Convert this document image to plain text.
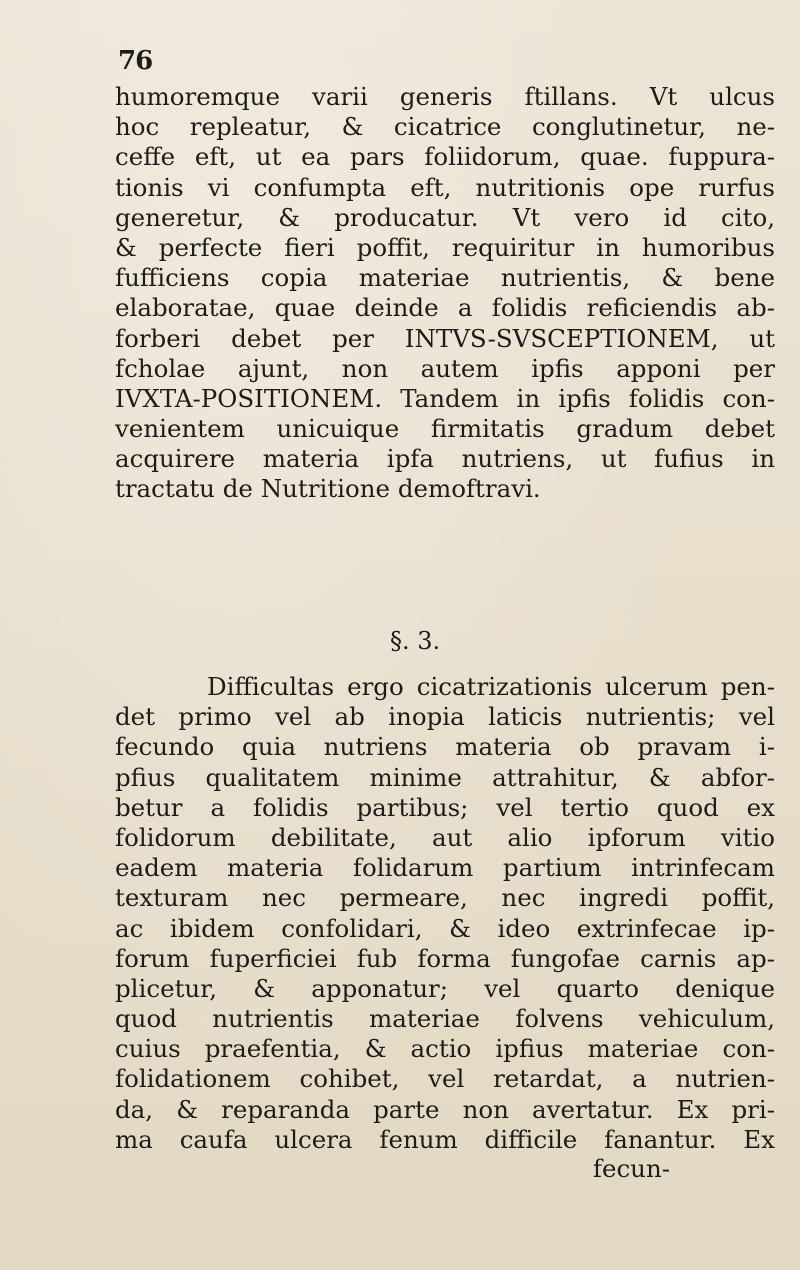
76
humoremque varii generis ftillans. Vt ulcus
hoc repleatur, & cicatrice conglutinetur, ne-
ceffe eft, ut ea pars foliidorum, quae. fuppura-
tionis vi confumpta eft, nutritionis ope rurfus
generetur, & producatur. Vt vero id cito,
& perfecte fieri poffit, requiritur in humoribus
fufficiens copia materiae nutrientis, & bene
elaboratae, quae deinde a folidis reficiendis ab-
forberi debet per INTVS-SVSCEPTIONEM, ut
fcholae ajunt, non autem ipfis apponi per
IVXTA-POSITIONEM. Tandem in ipfis folidis con-
venientem unicuique firmitatis gradum debet
acquirere materia ipfa nutriens, ut fufius in
tractatu de Nutritione demoftravi.
§. 3.
Difficultas ergo cicatrizationis ulcerum pen-
det primo vel ab inopia laticis nutrientis; vel
fecundo quia nutriens materia ob pravam i-
pfius qualitatem minime attrahitur, & abfor-
betur a folidis partibus; vel tertio quod ex
folidorum debilitate, aut alio ipforum vitio
eadem materia folidarum partium intrinfecam
texturam nec permeare, nec ingredi poffit,
ac ibidem confolidari, & ideo extrinfecae ip-
forum fuperficiei fub forma fungofae carnis ap-
plicetur, & apponatur; vel quarto denique
quod nutrientis materiae folvens vehiculum,
cuius praefentia, & actio ipfius materiae con-
folidationem cohibet, vel retardat, a nutrien-
da, & reparanda parte non avertatur. Ex pri-
ma caufa ulcera fenum difficile fanantur. Ex
fecun-
